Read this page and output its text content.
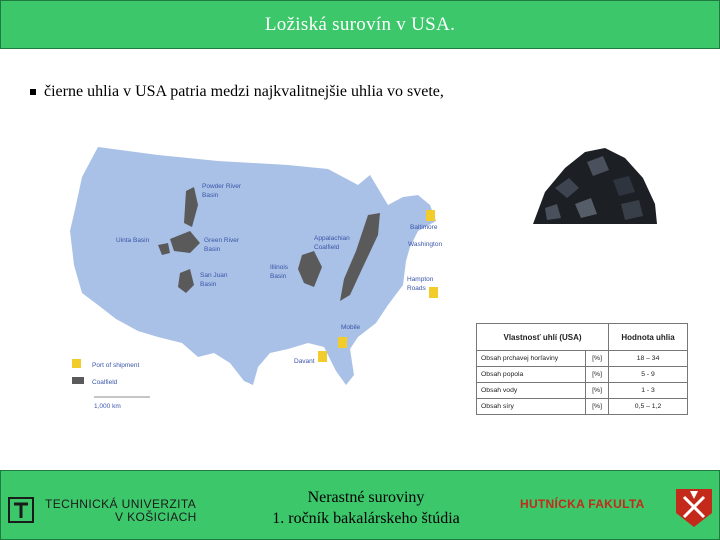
Ložiská surovín v USA.
čierne uhlia v USA patria medzi najkvalitnejšie uhlia vo svete,
Powder River
Basin
Uinta Basin	Green River
Basin
San Juan
Basin
Illinois
Basin
Appalachian
Coalfield
Baltimore
Washington
Hampton
Roads
Mobile
Davant
Port of shipment
Coalfield
1,000 km
Vlastnosť uhlí (USA)		Hodnota uhlia
Obsah prchavej horľaviny	[%]	18 – 34
Obsah popola	[%]	5 - 9
Obsah vody	[%]	1 - 3
Obsah síry	[%]	0,5 – 1,2
TECHNICKÁ UNIVERZITA
V KOŠICIACH
Nerastné suroviny
1. ročník bakalárskeho štúdia
HUTNÍCKA FAKULTA
